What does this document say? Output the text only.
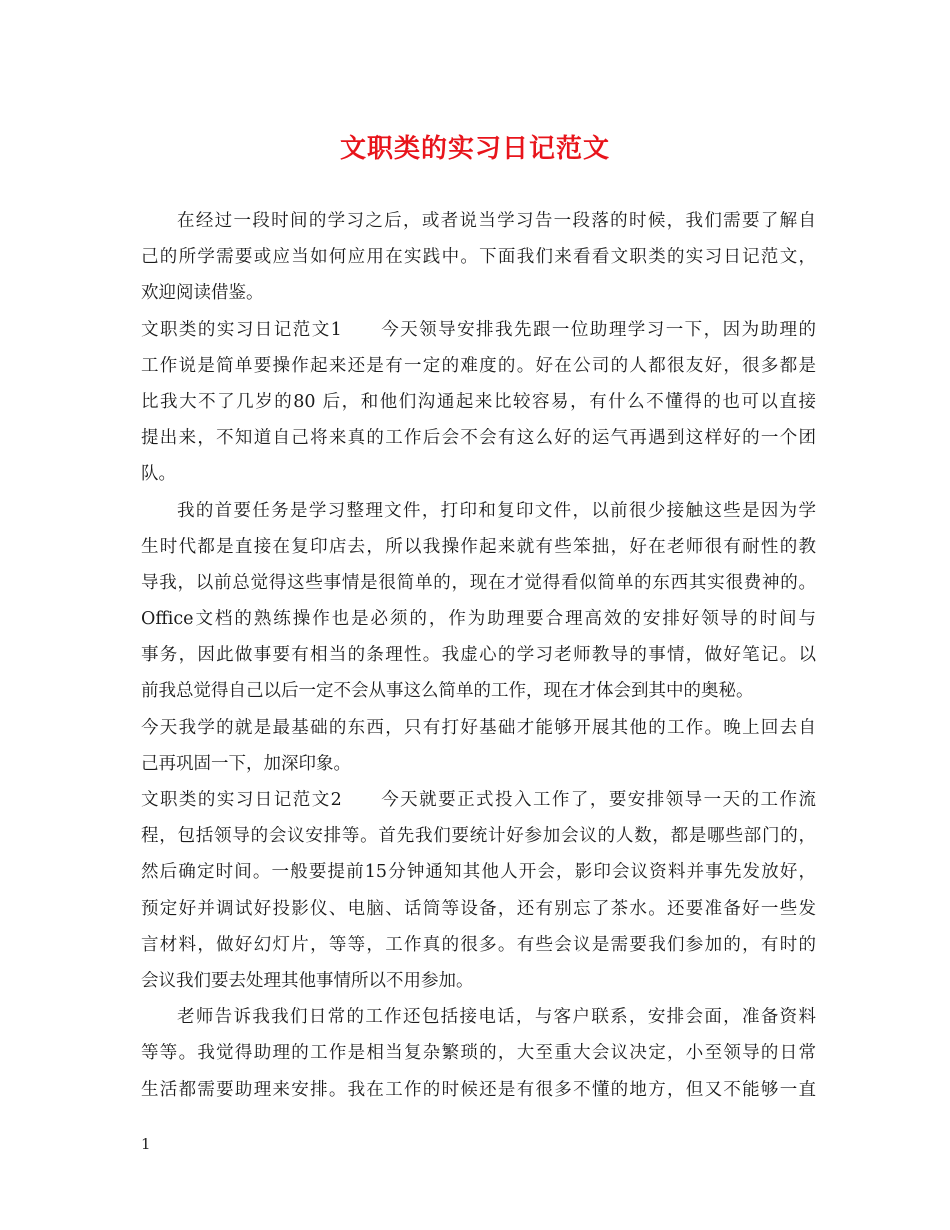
文职类的实习日记范文
在经过一段时间的学习之后，或者说当学习告一段落的时候，我们需要了解自
己的所学需要或应当如何应用在实践中。下面我们来看看文职类的实习日记范文，
欢迎阅读借鉴。
文职类的实习日记范文1　　今天领导安排我先跟一位助理学习一下，因为助理的
工作说是简单要操作起来还是有一定的难度的。好在公司的人都很友好，很多都是
比我大不了几岁的80 后，和他们沟通起来比较容易，有什么不懂得的也可以直接
提出来，不知道自己将来真的工作后会不会有这么好的运气再遇到这样好的一个团
队。
我的首要任务是学习整理文件，打印和复印文件，以前很少接触这些是因为学
生时代都是直接在复印店去，所以我操作起来就有些笨拙，好在老师很有耐性的教
导我，以前总觉得这些事情是很简单的，现在才觉得看似简单的东西其实很费神的。
Office文档的熟练操作也是必须的，作为助理要合理高效的安排好领导的时间与
事务，因此做事要有相当的条理性。我虚心的学习老师教导的事情，做好笔记。以
前我总觉得自己以后一定不会从事这么简单的工作，现在才体会到其中的奥秘。
今天我学的就是最基础的东西，只有打好基础才能够开展其他的工作。晚上回去自
己再巩固一下，加深印象。
文职类的实习日记范文2　　今天就要正式投入工作了，要安排领导一天的工作流
程，包括领导的会议安排等。首先我们要统计好参加会议的人数，都是哪些部门的，
然后确定时间。一般要提前15分钟通知其他人开会，影印会议资料并事先发放好，
预定好并调试好投影仪、电脑、话筒等设备，还有别忘了茶水。还要准备好一些发
言材料，做好幻灯片，等等，工作真的很多。有些会议是需要我们参加的，有时的
会议我们要去处理其他事情所以不用参加。
老师告诉我我们日常的工作还包括接电话，与客户联系，安排会面，准备资料
等等。我觉得助理的工作是相当复杂繁琐的，大至重大会议决定，小至领导的日常
生活都需要助理来安排。我在工作的时候还是有很多不懂的地方，但又不能够一直
1
